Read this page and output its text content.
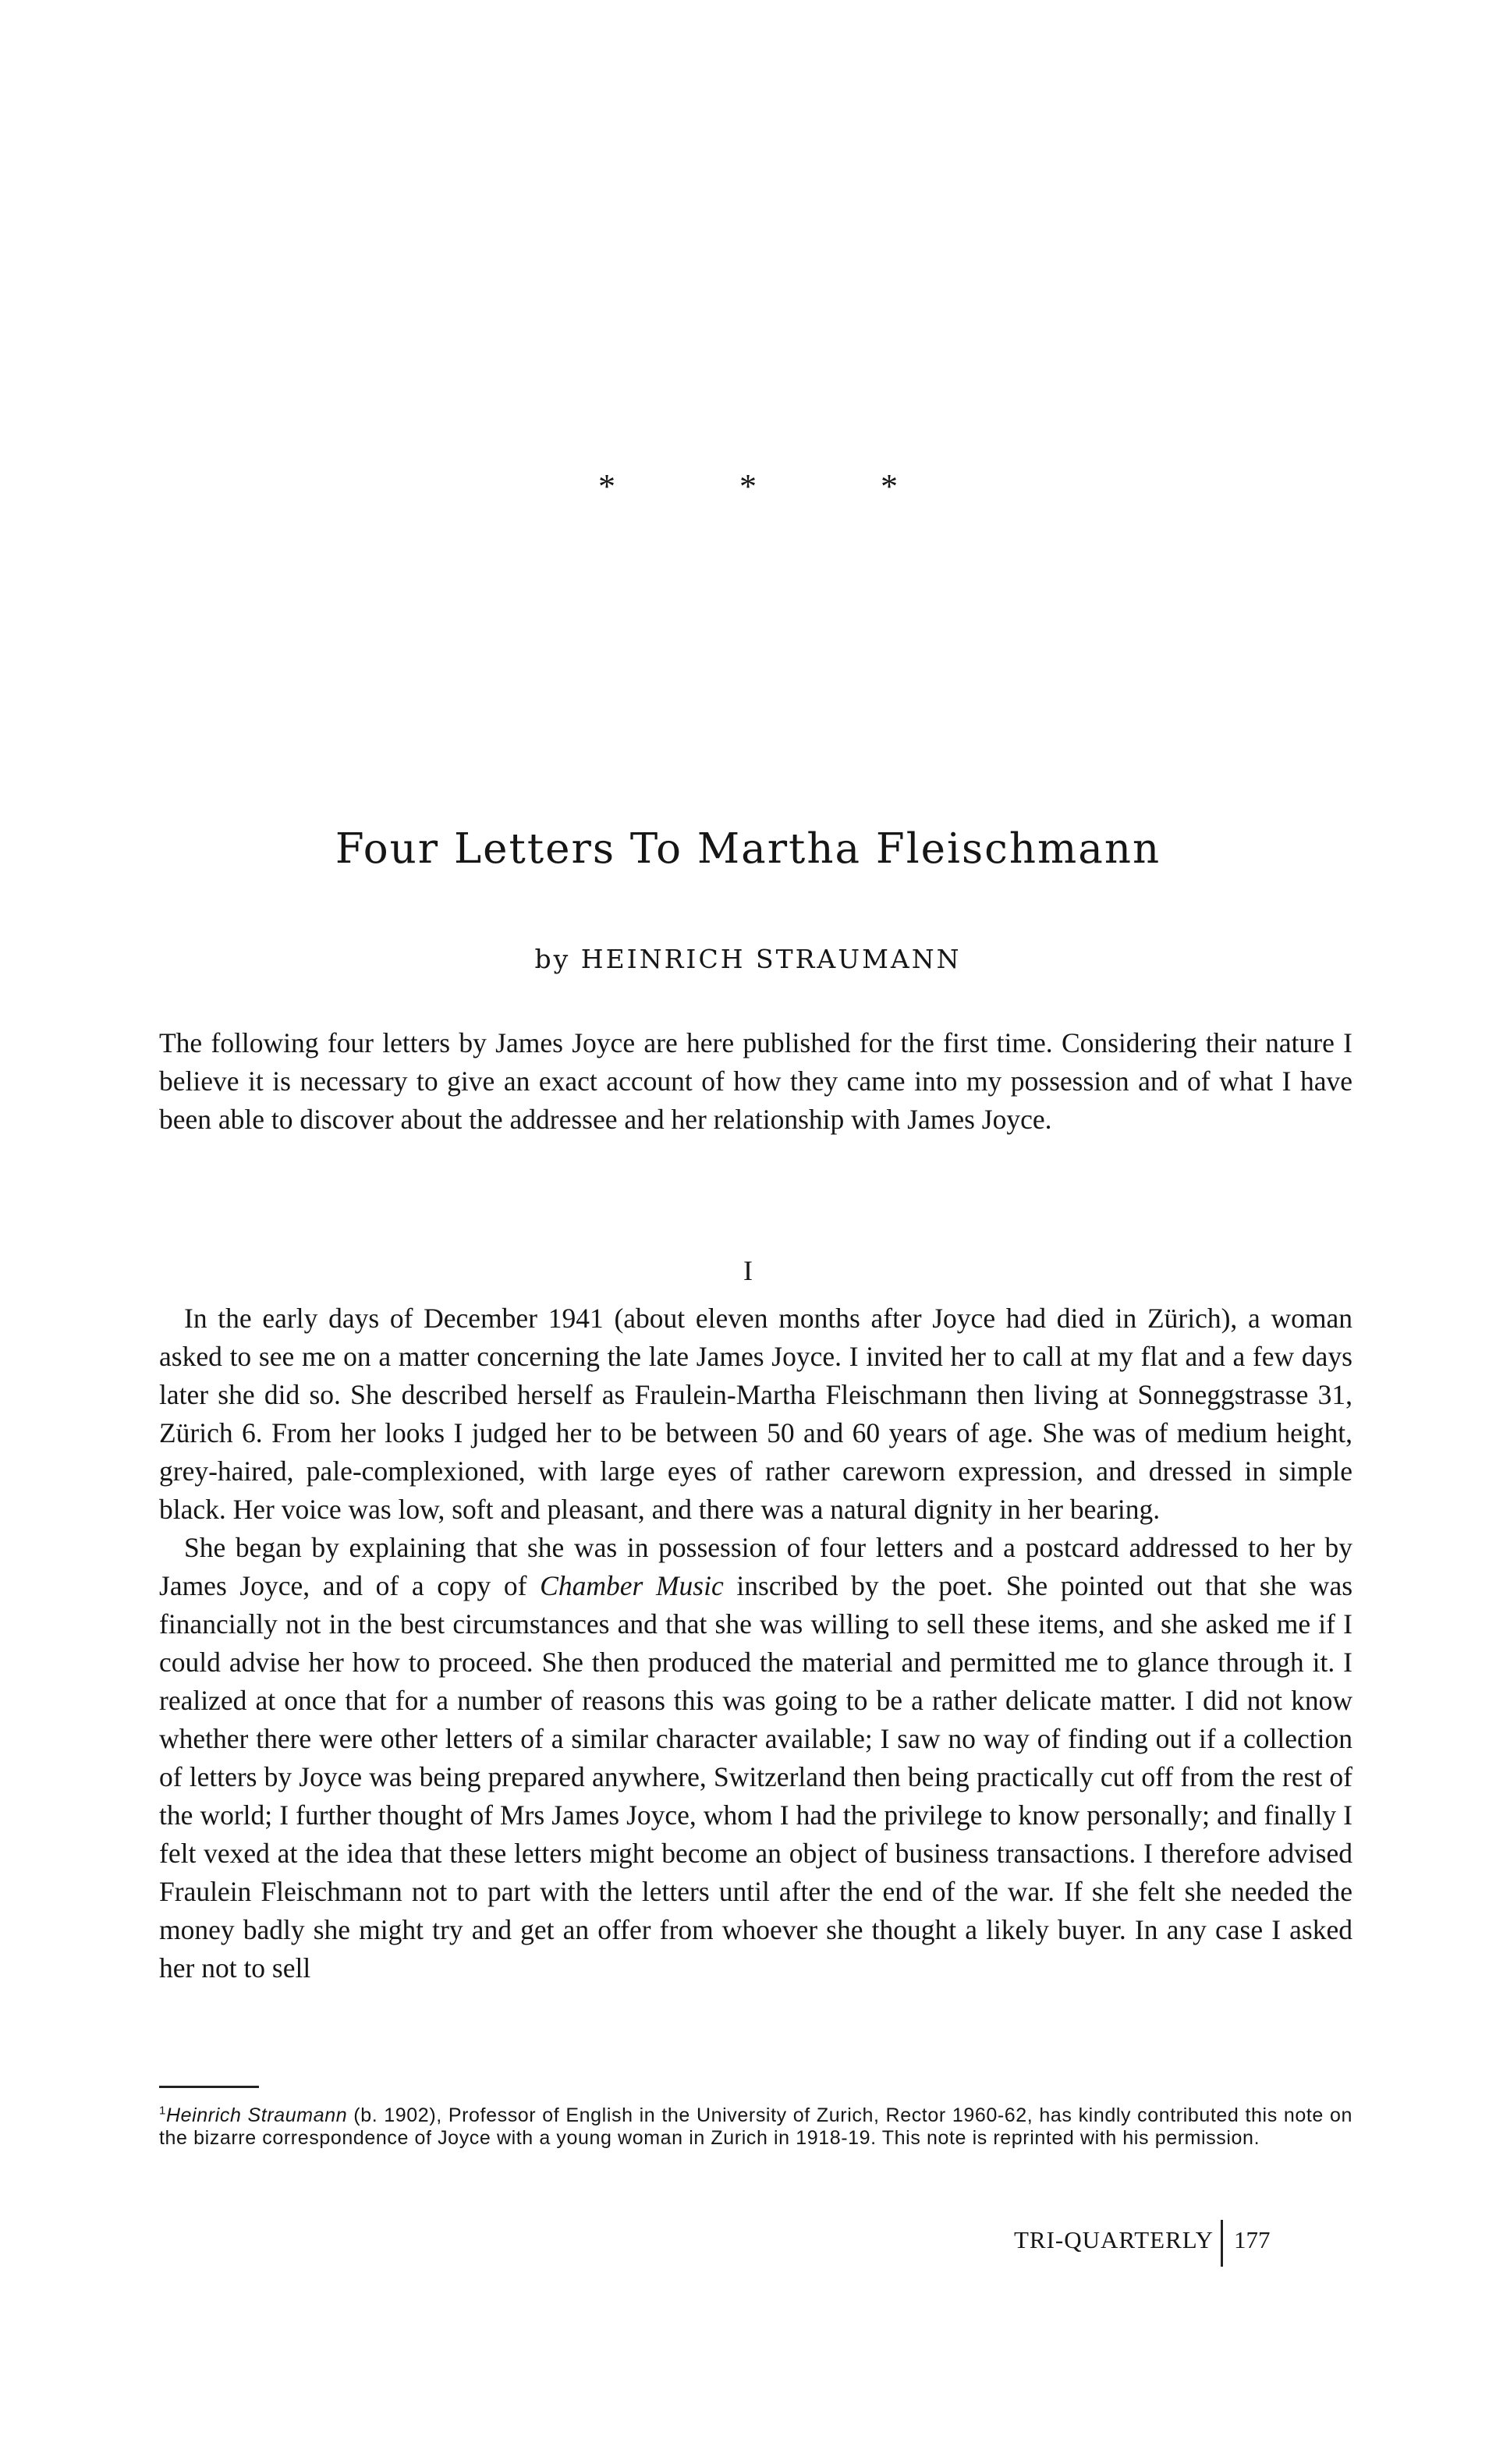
* * *
Four Letters To Martha Fleischmann
by HEINRICH STRAUMANN

The following four letters by James Joyce are here published for the first time. Considering their nature I believe it is necessary to give an exact account of how they came into my possession and of what I have been able to discover about the addressee and her relationship with James Joyce.

I

In the early days of December 1941 (about eleven months after Joyce had died in Zürich), a woman asked to see me on a matter concerning the late James Joyce. I invited her to call at my flat and a few days later she did so. She described herself as Fraulein-Martha Fleischmann then living at Sonneggstrasse 31, Zürich 6. From her looks I judged her to be between 50 and 60 years of age. She was of medium height, grey-haired, pale-complexioned, with large eyes of rather careworn expression, and dressed in simple black. Her voice was low, soft and pleasant, and there was a natural dignity in her bearing.

She began by explaining that she was in possession of four letters and a postcard addressed to her by James Joyce, and of a copy of Chamber Music inscribed by the poet. She pointed out that she was financially not in the best circumstances and that she was willing to sell these items, and she asked me if I could advise her how to proceed. She then produced the material and permitted me to glance through it. I realized at once that for a number of reasons this was going to be a rather delicate matter. I did not know whether there were other letters of a similar character available; I saw no way of finding out if a collection of letters by Joyce was being prepared anywhere, Switzerland then being practically cut off from the rest of the world; I further thought of Mrs James Joyce, whom I had the privilege to know personally; and finally I felt vexed at the idea that these letters might become an object of business transactions. I therefore advised Fraulein Fleischmann not to part with the letters until after the end of the war. If she felt she needed the money badly she might try and get an offer from whoever she thought a likely buyer. In any case I asked her not to sell

$^1$Heinrich Straumann (b. 1902), Professor of English in the University of Zurich, Rector 1960-62, has kindly contributed this note on the bizarre correspondence of Joyce with a young woman in Zurich in 1918-19. This note is reprinted with his permission.
TRI-QUARTERLY 177
